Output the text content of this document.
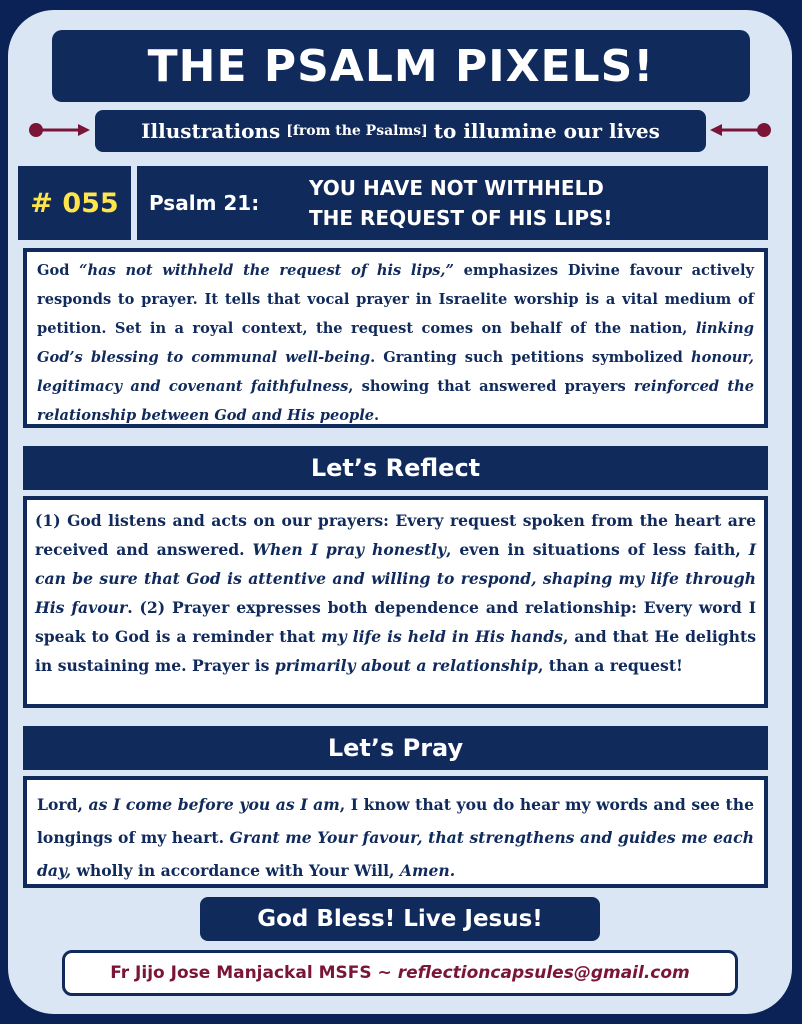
THE PSALM PIXELS!
Illustrations [from the Psalms] to illumine our lives
# 055	Psalm 21:
YOU HAVE NOT WITHHELD
THE REQUEST OF HIS LIPS!
God “has not withheld the request of his lips,” emphasizes Divine favour actively responds to prayer. It tells that vocal prayer in Israelite worship is a vital medium of petition. Set in a royal context, the request comes on behalf of the nation, linking God’s blessing to communal well-being. Granting such petitions symbolized honour, legitimacy and covenant faithfulness, showing that answered prayers reinforced the relationship between God and His people.
Let’s Reflect
(1) God listens and acts on our prayers: Every request spoken from the heart are received and answered. When I pray honestly, even in situations of less faith, I can be sure that God is attentive and willing to respond, shaping my life through His favour. (2) Prayer expresses both dependence and relationship: Every word I speak to God is a reminder that my life is held in His hands, and that He delights in sustaining me. Prayer is primarily about a relationship, than a request!
Let’s Pray
Lord, as I come before you as I am, I know that you do hear my words and see the longings of my heart. Grant me Your favour, that strengthens and guides me each day, wholly in accordance with Your Will, Amen.
God Bless! Live Jesus!
Fr Jijo Jose Manjackal MSFS ~ reflectioncapsules@gmail.com
